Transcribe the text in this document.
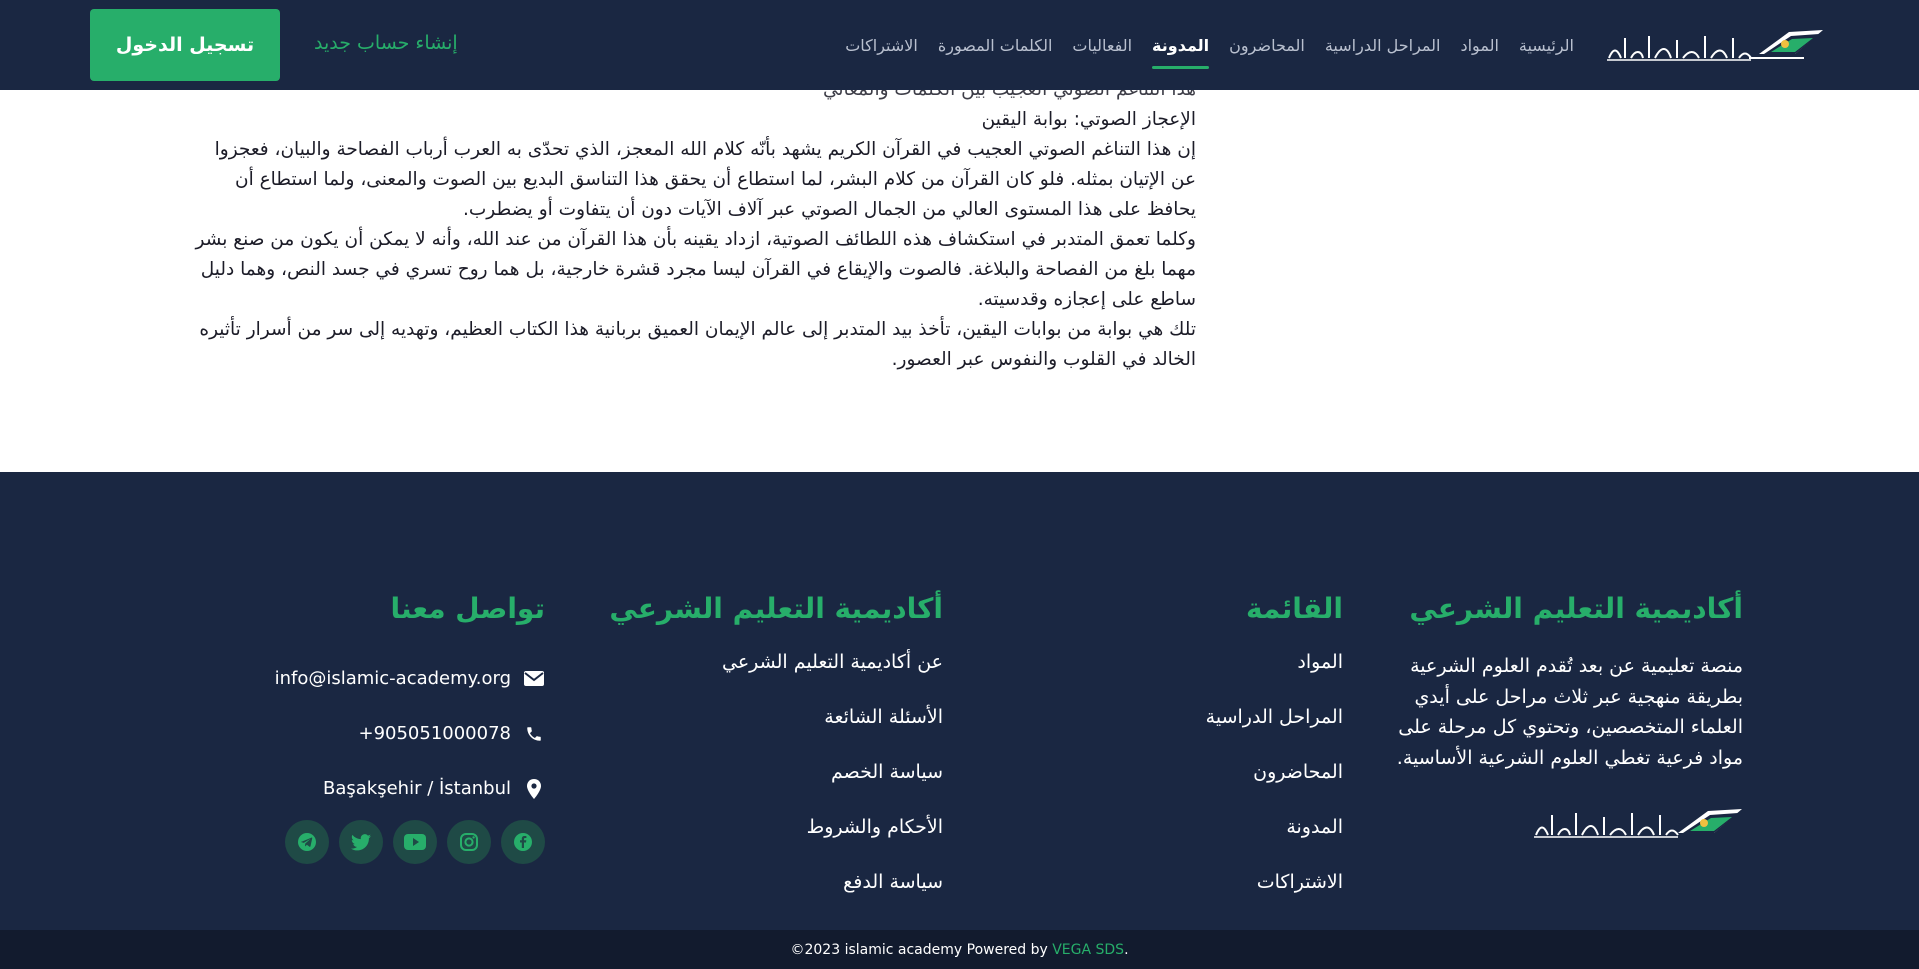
الرئيسية
المواد
المراحل الدراسية
المحاضرون
المدونة
الفعاليات
الكلمات المصورة
الاشتراكات
إنشاء حساب جديد
تسجيل الدخول

الإعجاز الصوتي: بوابة اليقين

إن هذا التناغم الصوتي العجيب في القرآن الكريم يشهد بأنّه كلام الله المعجز، الذي تحدّى به العرب أرباب الفصاحة والبيان، فعجزوا عن الإتيان بمثله. فلو كان القرآن من كلام البشر، لما استطاع أن يحقق هذا التناسق البديع بين الصوت والمعنى، ولما استطاع أن يحافظ على هذا المستوى العالي من الجمال الصوتي عبر آلاف الآيات دون أن يتفاوت أو يضطرب.

وكلما تعمق المتدبر في استكشاف هذه اللطائف الصوتية، ازداد يقينه بأن هذا القرآن من عند الله، وأنه لا يمكن أن يكون من صنع بشر مهما بلغ من الفصاحة والبلاغة. فالصوت والإيقاع في القرآن ليسا مجرد قشرة خارجية، بل هما روح تسري في جسد النص، وهما دليل ساطع على إعجازه وقدسيته.

تلك هي بوابة من بوابات اليقين، تأخذ بيد المتدبر إلى عالم الإيمان العميق بربانية هذا الكتاب العظيم، وتهديه إلى سر من أسرار تأثيره الخالد في القلوب والنفوس عبر العصور.

أكاديمية التعليم الشرعي

منصة تعليمية عن بعد تُقدم العلوم الشرعية بطريقة منهجية عبر ثلاث مراحل على أيدي العلماء المتخصصين، وتحتوي كل مرحلة على مواد فرعية تغطي العلوم الشرعية الأساسية.

القائمة
المواد
المراحل الدراسية
المحاضرون
المدونة
الاشتراكات
أكاديمية التعليم الشرعي
عن أكاديمية التعليم الشرعي
الأسئلة الشائعة
سياسة الخصم
الأحكام والشروط
سياسة الدفع
تواصل معنا
info@islamic-academy.org
+905051000078
Başakşehir / İstanbul
©2023 islamic academy Powered by VEGA SDS.
